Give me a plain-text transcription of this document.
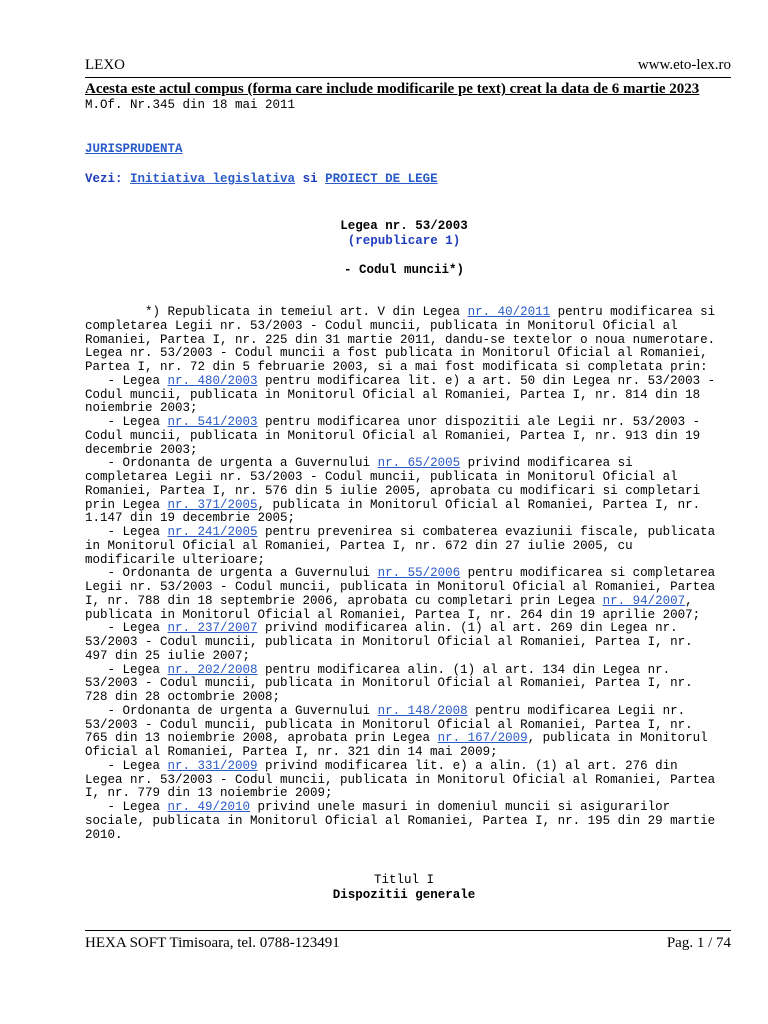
LEXO	www.eto-lex.ro
Acesta este actul compus (forma care include modificarile pe text) creat la data de 6 martie 2023
M.Of. Nr.345 din 18 mai 2011
JURISPRUDENTA
Vezi: Initiativa legislativa si PROIECT DE LEGE
Legea nr. 53/2003
(republicare 1)
- Codul muncii*)
*) Republicata in temeiul art. V din Legea nr. 40/2011 pentru modificarea si
completarea Legii nr. 53/2003 - Codul muncii, publicata in Monitorul Oficial al
Romaniei, Partea I, nr. 225 din 31 martie 2011, dandu-se textelor o noua numerotare.
Legea nr. 53/2003 - Codul muncii a fost publicata in Monitorul Oficial al Romaniei,
Partea I, nr. 72 din 5 februarie 2003, si a mai fost modificata si completata prin:
- Legea nr. 480/2003 pentru modificarea lit. e) a art. 50 din Legea nr. 53/2003 -
Codul muncii, publicata in Monitorul Oficial al Romaniei, Partea I, nr. 814 din 18
noiembrie 2003;
- Legea nr. 541/2003 pentru modificarea unor dispozitii ale Legii nr. 53/2003 -
Codul muncii, publicata in Monitorul Oficial al Romaniei, Partea I, nr. 913 din 19
decembrie 2003;
- Ordonanta de urgenta a Guvernului nr. 65/2005 privind modificarea si
completarea Legii nr. 53/2003 - Codul muncii, publicata in Monitorul Oficial al
Romaniei, Partea I, nr. 576 din 5 iulie 2005, aprobata cu modificari si completari
prin Legea nr. 371/2005, publicata in Monitorul Oficial al Romaniei, Partea I, nr.
1.147 din 19 decembrie 2005;
- Legea nr. 241/2005 pentru prevenirea si combaterea evaziunii fiscale, publicata
in Monitorul Oficial al Romaniei, Partea I, nr. 672 din 27 iulie 2005, cu
modificarile ulterioare;
- Ordonanta de urgenta a Guvernului nr. 55/2006 pentru modificarea si completarea
Legii nr. 53/2003 - Codul muncii, publicata in Monitorul Oficial al Romaniei, Partea
I, nr. 788 din 18 septembrie 2006, aprobata cu completari prin Legea nr. 94/2007,
publicata in Monitorul Oficial al Romaniei, Partea I, nr. 264 din 19 aprilie 2007;
- Legea nr. 237/2007 privind modificarea alin. (1) al art. 269 din Legea nr.
53/2003 - Codul muncii, publicata in Monitorul Oficial al Romaniei, Partea I, nr.
497 din 25 iulie 2007;
- Legea nr. 202/2008 pentru modificarea alin. (1) al art. 134 din Legea nr.
53/2003 - Codul muncii, publicata in Monitorul Oficial al Romaniei, Partea I, nr.
728 din 28 octombrie 2008;
- Ordonanta de urgenta a Guvernului nr. 148/2008 pentru modificarea Legii nr.
53/2003 - Codul muncii, publicata in Monitorul Oficial al Romaniei, Partea I, nr.
765 din 13 noiembrie 2008, aprobata prin Legea nr. 167/2009, publicata in Monitorul
Oficial al Romaniei, Partea I, nr. 321 din 14 mai 2009;
- Legea nr. 331/2009 privind modificarea lit. e) a alin. (1) al art. 276 din
Legea nr. 53/2003 - Codul muncii, publicata in Monitorul Oficial al Romaniei, Partea
I, nr. 779 din 13 noiembrie 2009;
- Legea nr. 49/2010 privind unele masuri in domeniul muncii si asigurarilor
sociale, publicata in Monitorul Oficial al Romaniei, Partea I, nr. 195 din 29 martie
2010.
Titlul I
Dispozitii generale
HEXA SOFT Timisoara, tel. 0788-123491	Pag. 1 / 74
